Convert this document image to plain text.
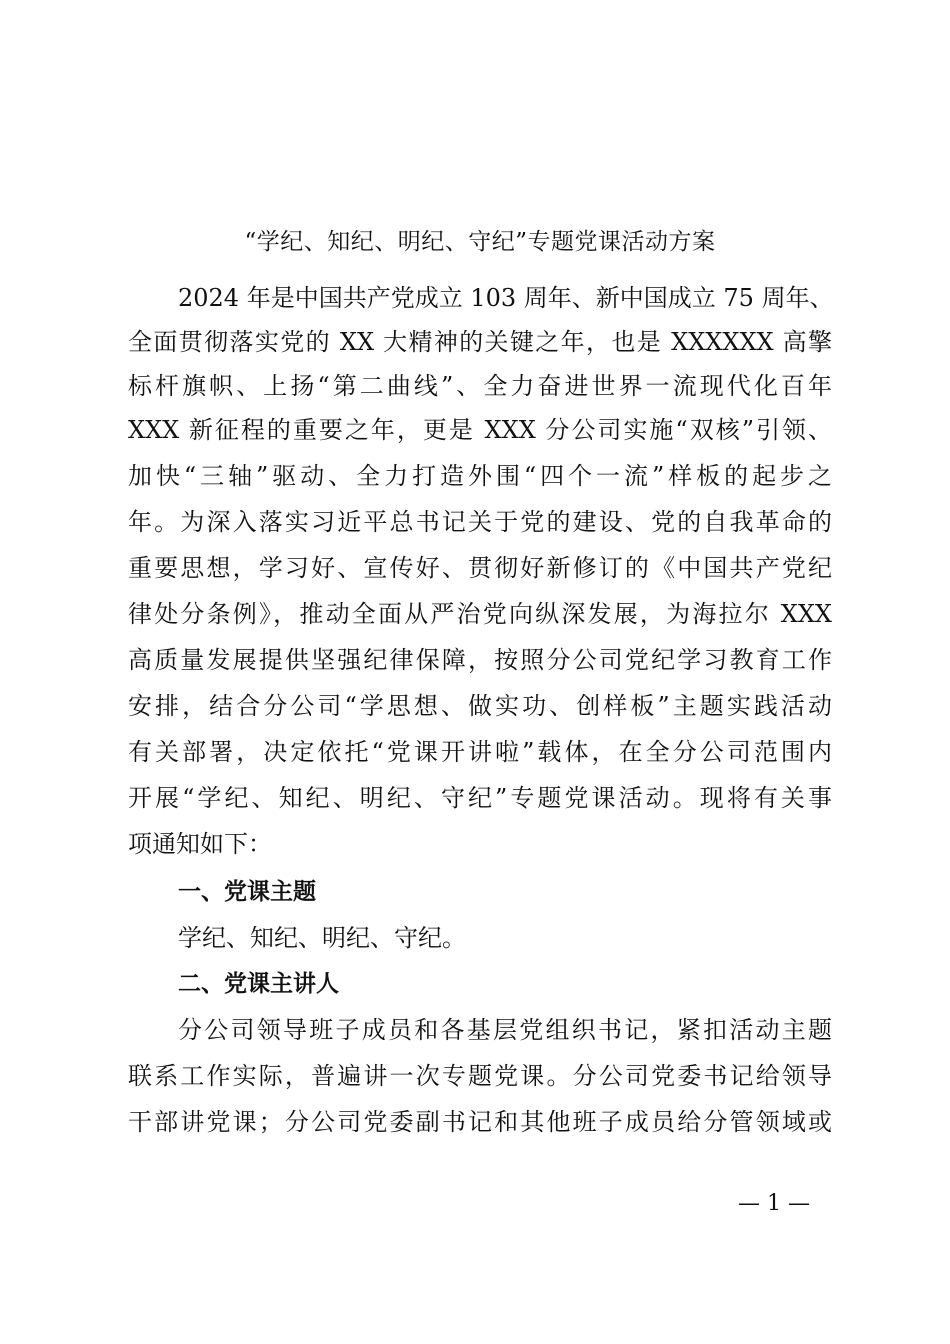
“学纪、知纪、明纪、守纪”专题党课活动方案
2024 年是中国共产党成立 103 周年、新中国成立 75 周年、
全面贯彻落实党的 XX 大精神的关键之年，也是 XXXXXX 高擎
标杆旗帜、上扬“第二曲线”、全力奋进世界一流现代化百年
XXX 新征程的重要之年，更是 XXX 分公司实施“双核”引领、
加快“三轴”驱动、全力打造外围“四个一流”样板的起步之
年。为深入落实习近平总书记关于党的建设、党的自我革命的
重要思想，学习好、宣传好、贯彻好新修订的《中国共产党纪
律处分条例》，推动全面从严治党向纵深发展，为海拉尔 XXX
高质量发展提供坚强纪律保障，按照分公司党纪学习教育工作
安排，结合分公司“学思想、做实功、创样板”主题实践活动
有关部署，决定依托“党课开讲啦”载体，在全分公司范围内
开展“学纪、知纪、明纪、守纪”专题党课活动。现将有关事
项通知如下：
一、党课主题
学纪、知纪、明纪、守纪。
二、党课主讲人
分公司领导班子成员和各基层党组织书记，紧扣活动主题
联系工作实际，普遍讲一次专题党课。分公司党委书记给领导
干部讲党课；分公司党委副书记和其他班子成员给分管领域或
— 1 —
